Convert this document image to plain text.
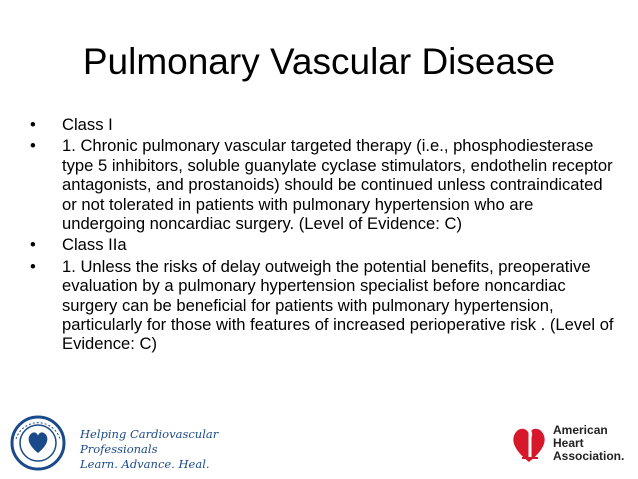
Pulmonary Vascular Disease
•	Class I
•	1. Chronic pulmonary vascular targeted therapy (i.e., phosphodiesterase type 5 inhibitors, soluble guanylate cyclase stimulators, endothelin receptor antagonists, and prostanoids) should be continued unless contraindicated or not tolerated in patients with pulmonary hypertension who are undergoing noncardiac surgery. (Level of Evidence: C)
•	Class IIa
•	1. Unless the risks of delay outweigh the potential benefits, preoperative evaluation by a pulmonary hypertension specialist before noncardiac surgery can be beneficial for patients with pulmonary hypertension, particularly for those with features of increased perioperative risk . (Level of Evidence: C)
Helping Cardiovascular Professionals
Learn. Advance. Heal.
American
Heart
Association.
